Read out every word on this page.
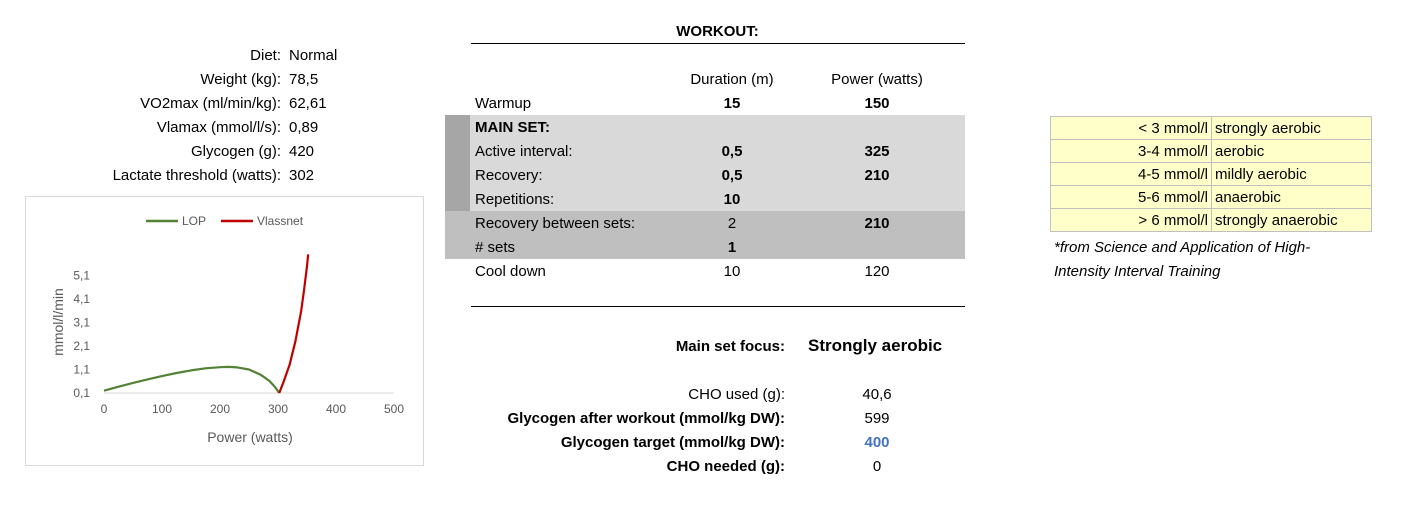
Diet: Normal
Weight (kg): 78,5
VO2max (ml/min/kg): 62,61
Vlamax (mmol/l/s): 0,89
Glycogen (g): 420
Lactate threshold (watts): 302
LOP	Vlassnet
0,1
1,1
2,1
3,1
4,1
5,1
0	100	200	300	400	500
Power (watts)
mmol/l/min
WORKOUT:
Duration (m)	Power (watts)
Warmup	15	150
MAIN SET:
Active interval:	0,5	325
Recovery:	0,5	210
Repetitions:	10
Recovery between sets:	2	210
# sets	1
Cool down	10	120
Main set focus: Strongly aerobic
CHO used (g):	40,6
Glycogen after workout (mmol/kg DW):	599
Glycogen target (mmol/kg DW):	400
CHO needed (g):	0
< 3 mmol/l	strongly aerobic
3-4 mmol/l	aerobic
4-5 mmol/l	mildly aerobic
5-6 mmol/l	anaerobic
> 6 mmol/l	strongly anaerobic
*from Science and Application of High-
Intensity Interval Training
